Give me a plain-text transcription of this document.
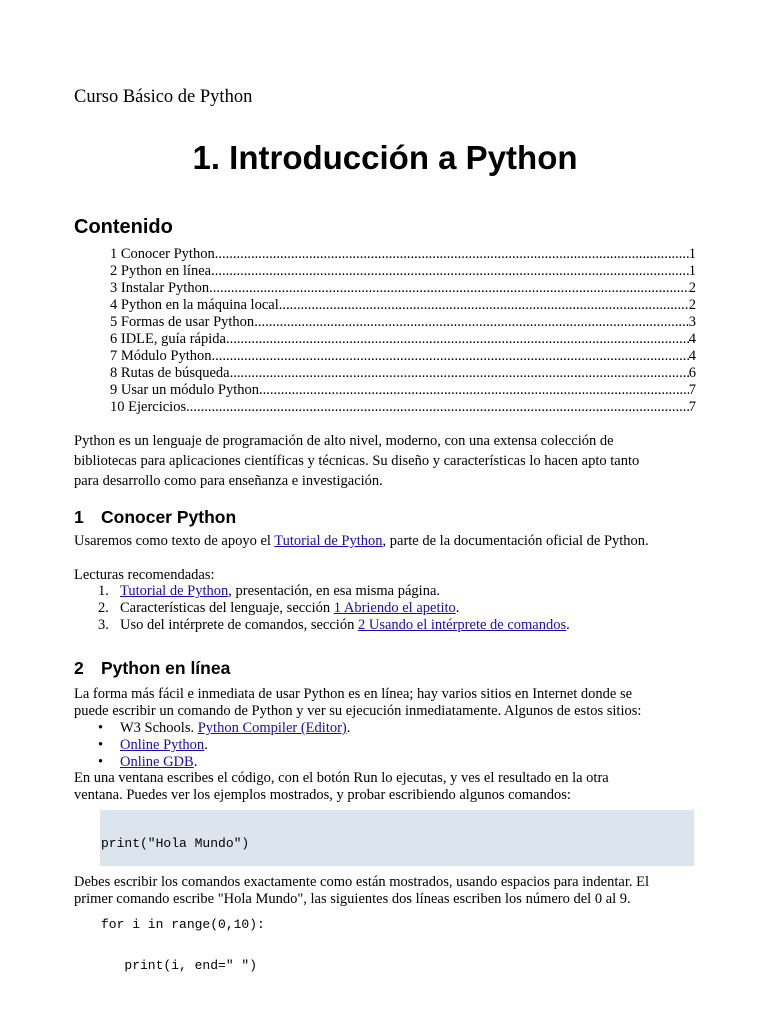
Curso Básico de Python
1. Introducción a Python
Contenido
1 Conocer Python .....	1
2 Python en línea .....	1
3 Instalar Python .....	2
4 Python en la máquina local .....	2
5 Formas de usar Python .....	3
6 IDLE, guía rápida .....	4
7 Módulo Python .....	4
8 Rutas de búsqueda .....	6
9 Usar un módulo Python .....	7
10 Ejercicios .....	7
Python es un lenguaje de programación de alto nivel, moderno, con una extensa colección de
bibliotecas para aplicaciones científicas y técnicas. Su diseño y características lo hacen apto tanto
para desarrollo como para enseñanza e investigación.
1 Conocer Python
Usaremos como texto de apoyo el Tutorial de Python, parte de la documentación oficial de Python.
Lecturas recomendadas:
1. Tutorial de Python, presentación, en esa misma página.
2. Características del lenguaje, sección 1 Abriendo el apetito.
3. Uso del intérprete de comandos, sección 2 Usando el intérprete de comandos.
2 Python en línea
La forma más fácil e inmediata de usar Python es en línea; hay varios sitios en Internet donde se
puede escribir un comando de Python y ver su ejecución inmediatamente. Algunos de estos sitios:
• W3 Schools. Python Compiler (Editor).
• Online Python.
• Online GDB.
En una ventana escribes el código, con el botón Run lo ejecutas, y ves el resultado en la otra
ventana. Puedes ver los ejemplos mostrados, y probar escribiendo algunos comandos:

print("Hola Mundo")

for i in range(0,10):

print(i, end=" ")

Debes escribir los comandos exactamente como están mostrados, usando espacios para indentar. El
primer comando escribe "Hola Mundo", las siguientes dos líneas escriben los número del 0 al 9.
